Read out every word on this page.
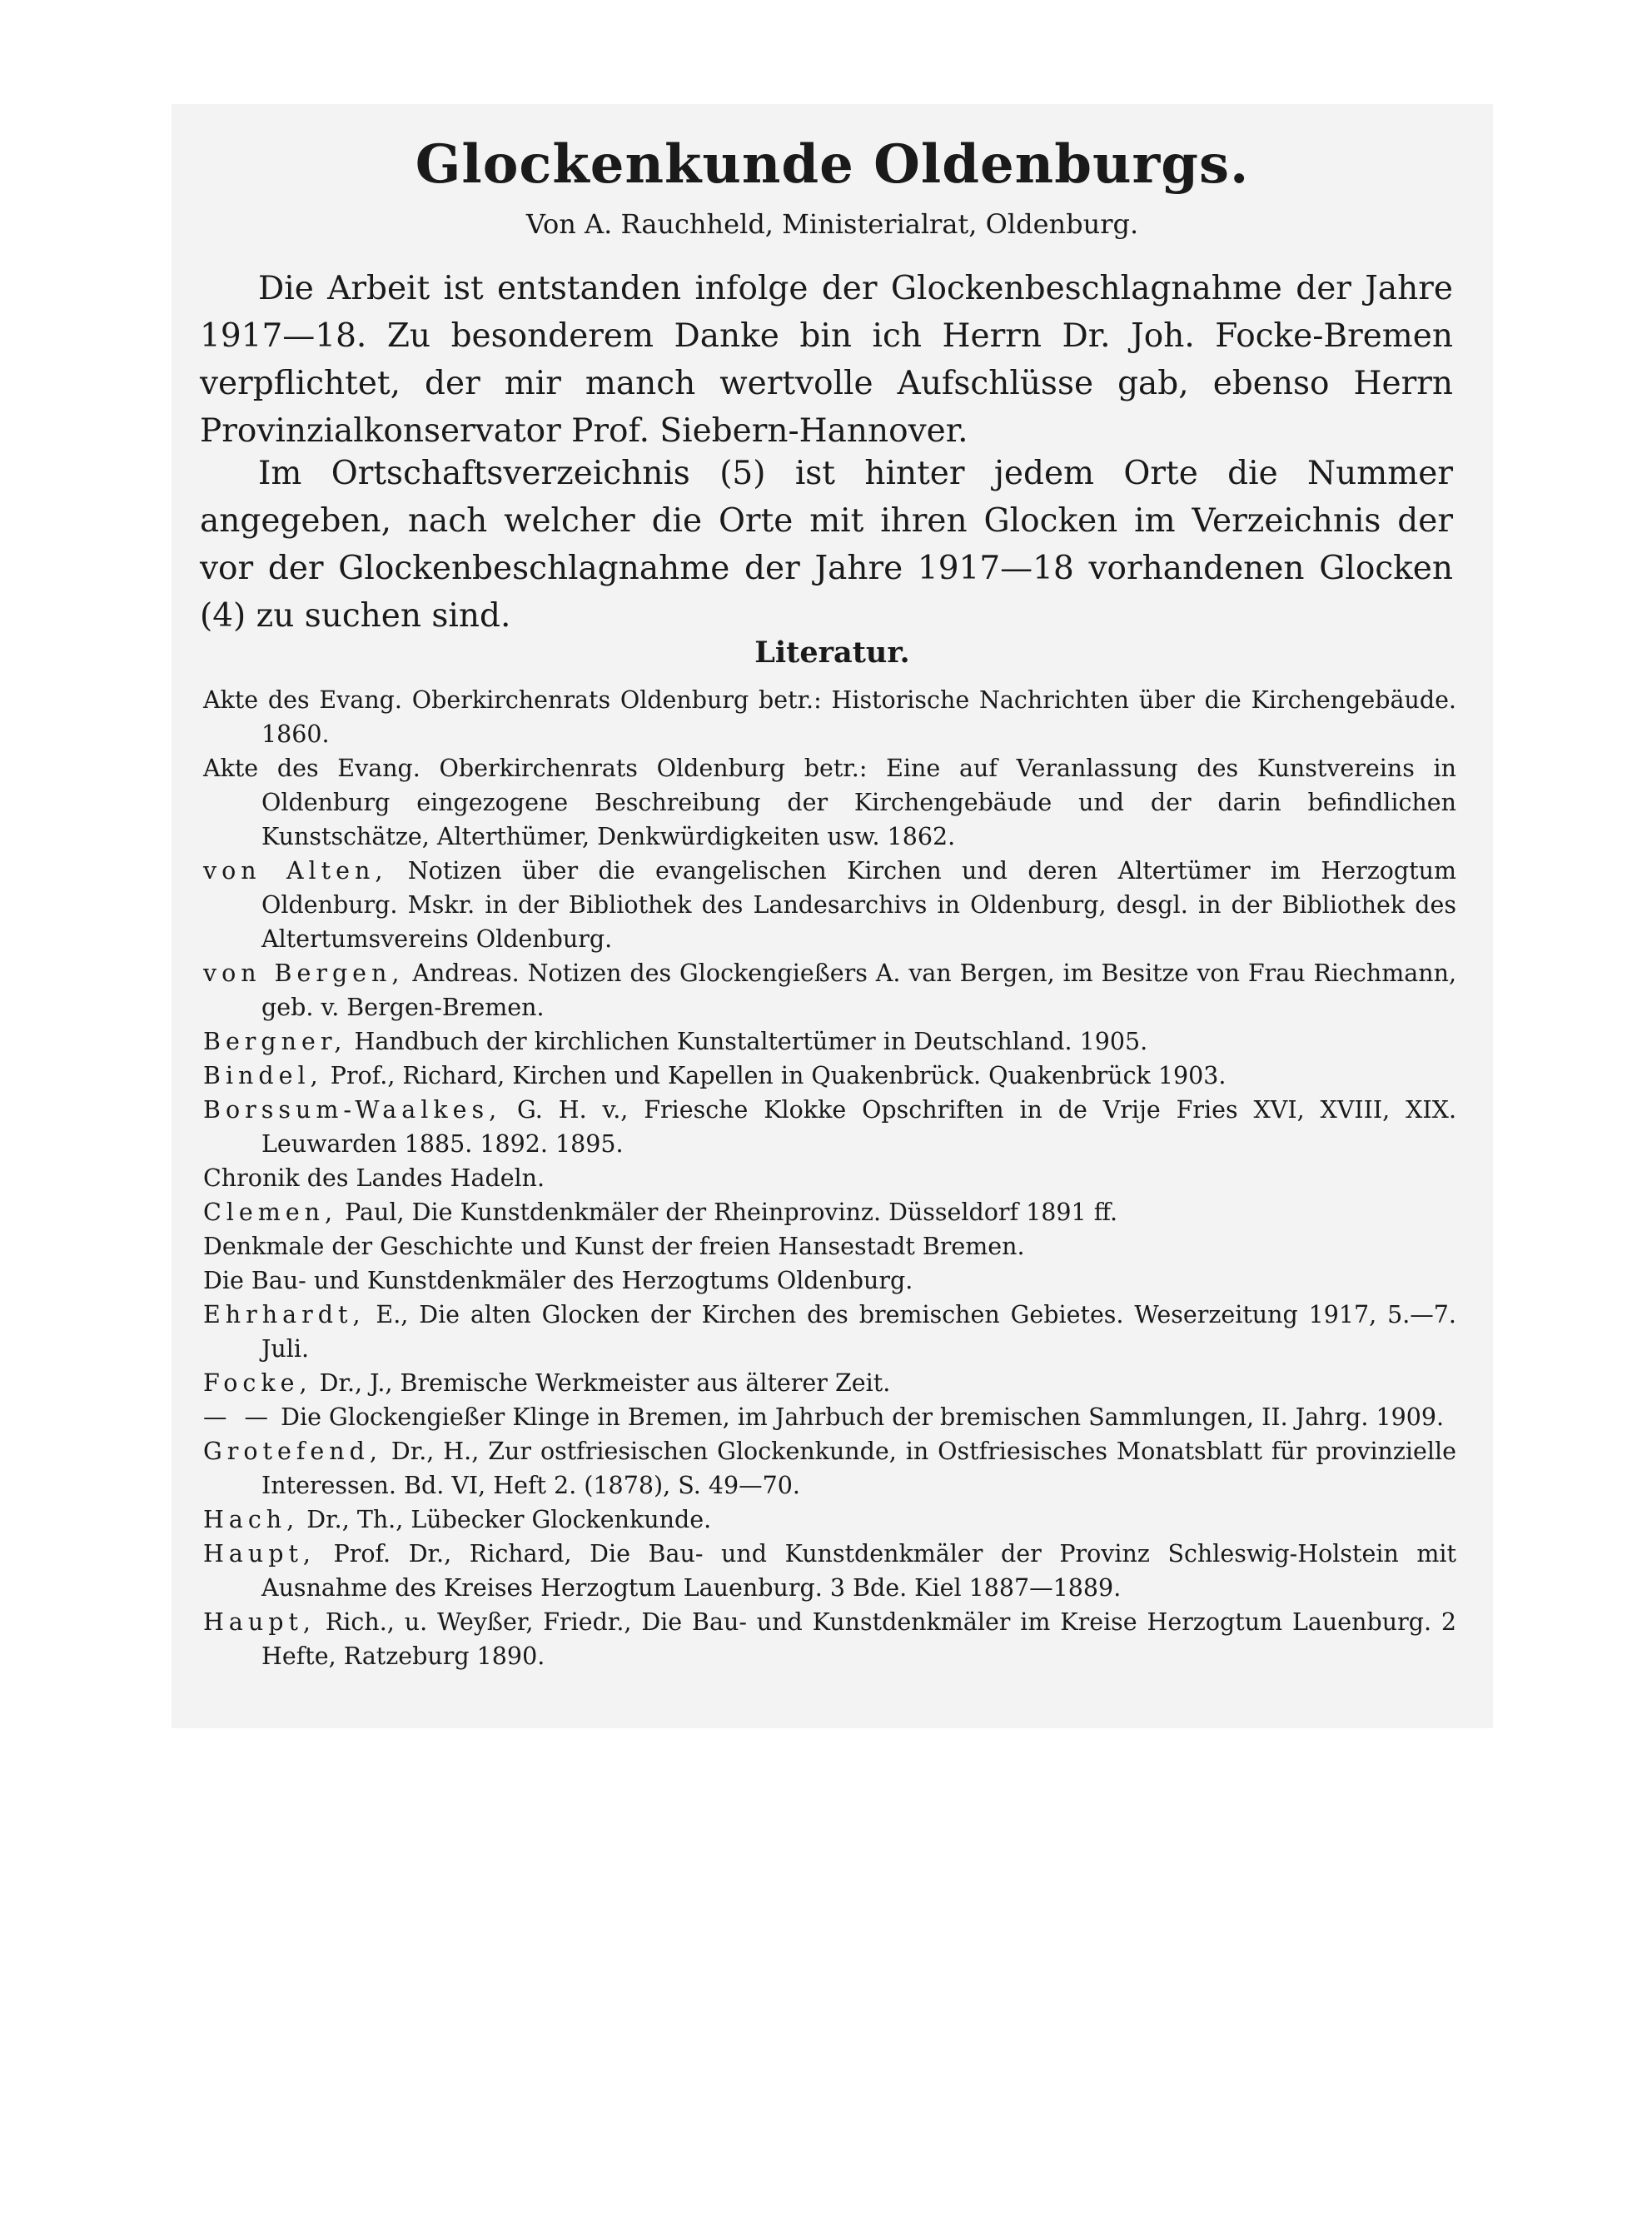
Glockenkunde Oldenburgs.

Von A. Rauchheld, Ministerialrat, Oldenburg.

Die Arbeit ist entstanden infolge der Glockenbeschlagnahme der Jahre 1917—18. Zu besonderem Danke bin ich Herrn Dr. Joh. Focke-Bremen verpflichtet, der mir manch wertvolle Aufschlüsse gab, ebenso Herrn Provinzialkonservator Prof. Siebern-Hannover.

Im Ortschaftsverzeichnis (5) ist hinter jedem Orte die Nummer angegeben, nach welcher die Orte mit ihren Glocken im Verzeichnis der vor der Glockenbeschlagnahme der Jahre 1917—18 vorhandenen Glocken (4) zu suchen sind.

Literatur.
Akte des Evang. Oberkirchenrats Oldenburg betr.: Historische Nachrichten über die Kirchengebäude. 1860.
Akte des Evang. Oberkirchenrats Oldenburg betr.: Eine auf Veranlassung des Kunstvereins in Oldenburg eingezogene Beschreibung der Kirchengebäude und der darin befindlichen Kunstschätze, Alterthümer, Denkwürdigkeiten usw. 1862.
von Alten, Notizen über die evangelischen Kirchen und deren Altertümer im Herzogtum Oldenburg. Mskr. in der Bibliothek des Landesarchivs in Oldenburg, desgl. in der Bibliothek des Altertumsvereins Oldenburg.
von Bergen, Andreas. Notizen des Glockengießers A. van Bergen, im Besitze von Frau Riechmann, geb. v. Bergen-Bremen.
Bergner, Handbuch der kirchlichen Kunstaltertümer in Deutschland. 1905.
Bindel, Prof., Richard, Kirchen und Kapellen in Quakenbrück. Quakenbrück 1903.
Borssum-Waalkes, G. H. v., Friesche Klokke Opschriften in de Vrije Fries XVI, XVIII, XIX. Leuwarden 1885. 1892. 1895.
Chronik des Landes Hadeln.
Clemen, Paul, Die Kunstdenkmäler der Rheinprovinz. Düsseldorf 1891 ff.
Denkmale der Geschichte und Kunst der freien Hansestadt Bremen.
Die Bau- und Kunstdenkmäler des Herzogtums Oldenburg.
Ehrhardt, E., Die alten Glocken der Kirchen des bremischen Gebietes. Weserzeitung 1917, 5.—7. Juli.
Focke, Dr., J., Bremische Werkmeister aus älterer Zeit.
— — Die Glockengießer Klinge in Bremen, im Jahrbuch der bremischen Sammlungen, II. Jahrg. 1909.
Grotefend, Dr., H., Zur ostfriesischen Glockenkunde, in Ostfriesisches Monatsblatt für provinzielle Interessen. Bd. VI, Heft 2. (1878), S. 49—70.
Hach, Dr., Th., Lübecker Glockenkunde.
Haupt, Prof. Dr., Richard, Die Bau- und Kunstdenkmäler der Provinz Schleswig-Holstein mit Ausnahme des Kreises Herzogtum Lauenburg. 3 Bde. Kiel 1887—1889.
Haupt, Rich., u. Weyßer, Friedr., Die Bau- und Kunstdenkmäler im Kreise Herzogtum Lauenburg. 2 Hefte, Ratzeburg 1890.
